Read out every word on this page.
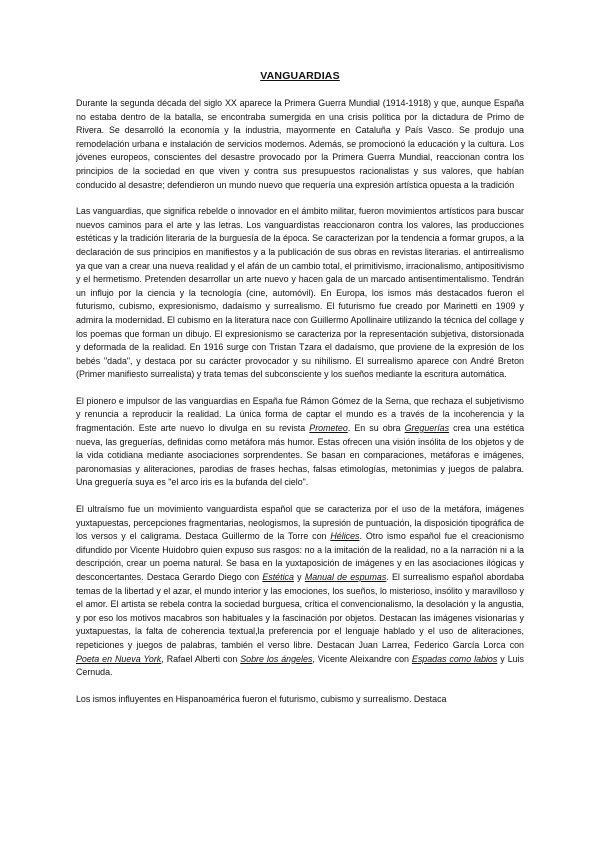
VANGUARDIAS

Durante la segunda década del siglo XX aparece la Primera Guerra Mundial (1914-1918) y que, aunque España no estaba dentro de la batalla, se encontraba sumergida en una crisis política por la dictadura de Primo de Rivera. Se desarrolló la economía y la industria, mayormente en Cataluña y País Vasco. Se produjo una remodelación urbana e instalación de servicios modernos. Además, se promocionó la educación y la cultura. Los jóvenes europeos, conscientes del desastre provocado por la Primera Guerra Mundial, reaccionan contra los principios de la sociedad en que viven y contra sus presupuestos racionalistas y sus valores, que habían conducido al desastre; defendieron un mundo nuevo que requería una expresión artística opuesta a la tradición

Las vanguardias, que significa rebelde o innovador en el ámbito militar, fueron movimientos artísticos para buscar nuevos caminos para el arte y las letras. Los vanguardistas reaccionaron contra los valores, las producciones estéticas y la tradición literaria de la burguesía de la época. Se caracterizan por la tendencia a formar grupos, a la declaración de sus principios en manifiestos y a la publicación de sus obras en revistas literarias. el antirrealismo ya que van a crear una nueva realidad y el afán de un cambio total, el primitivismo, irracionalismo, antipositivismo y el hermetismo. Pretenden desarrollar un arte nuevo y hacen gala de un marcado antisentimentalismo. Tendrán un influjo por la ciencia y la tecnología (cine, automóvil). En Europa, los ismos más destacados fueron el futurismo, cubismo, expresionismo, dadaísmo y surrealismo. El futurismo fue creado por Marinetti en 1909 y admira la modernidad. El cubismo en la literatura nace con Guillermo Apollinaire utilizando la técnica del collage y los poemas que forman un dibujo. El expresionismo se caracteriza por la representación subjetiva, distorsionada y deformada de la realidad. En 1916 surge con Tristan Tzara el dadaísmo, que proviene de la expresión de los bebés "dada", y destaca por su carácter provocador y su nihilismo. El surrealismo aparece con André Breton (Primer manifiesto surrealista) y trata temas del subconsciente y los sueños mediante la escritura automática.

El pionero e impulsor de las vanguardias en España fue Rámon Gómez de la Serna, que rechaza el subjetivismo y renuncia a reproducir la realidad. La única forma de captar el mundo es a través de la incoherencia y la fragmentación. Este arte nuevo lo divulga en su revista Prometeo. En su obra Greguerías crea una estética nueva, las greguerías, definidas como metáfora más humor. Estas ofrecen una visión insólita de los objetos y de la vida cotidiana mediante asociaciones sorprendentes. Se basan en comparaciones, metáforas e imágenes, paronomasias y aliteraciones, parodias de frases hechas, falsas etimologías, metonimias y juegos de palabra. Una greguería suya es "el arco iris es la bufanda del cielo".

El ultraísmo fue un movimiento vanguardista español que se caracteriza por el uso de la metáfora, imágenes yuxtapuestas, percepciones fragmentarias, neologismos, la supresión de puntuación, la disposición tipográfica de los versos y el caligrama. Destaca Guillermo de la Torre con Hélices. Otro ismo español fue el creacionismo difundido por Vicente Huidobro quien expuso sus rasgos: no a la imitación de la realidad, no a la narración ni a la descripción, crear un poema natural. Se basa en la yuxtaposición de imágenes y en las asociaciones ilógicas y desconcertantes. Destaca Gerardo Diego con Estética y Manual de espumas. El surrealismo español abordaba temas de la libertad y el azar, el mundo interior y las emociones, los sueños, lo misterioso, insólito y maravilloso y el amor. El artista se rebela contra la sociedad burguesa, crítica el convencionalismo, la desolación y la angustia, y por eso los motivos macabros son habituales y la fascinación por objetos. Destacan las imágenes visionarias y yuxtapuestas, la falta de coherencia textual,la preferencia por el lenguaje hablado y el uso de aliteraciones, repeticiones y juegos de palabras, también el verso libre. Destacan Juan Larrea, Federico García Lorca con Poeta en Nueva York, Rafael Alberti con Sobre los ángeles, Vicente Aleixandre con Espadas como labios y Luis Cernuda.

Los ismos influyentes en Hispanoamérica fueron el futurismo, cubismo y surrealismo. Destaca
